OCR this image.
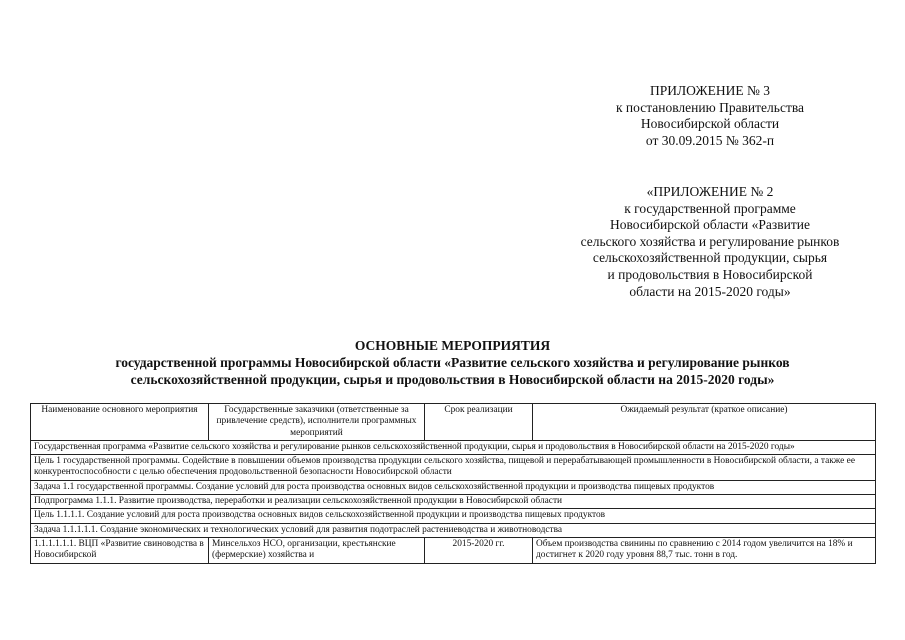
ПРИЛОЖЕНИЕ № 3
к постановлению Правительства
Новосибирской области
от 30.09.2015 № 362-п
«ПРИЛОЖЕНИЕ № 2
к государственной программе
Новосибирской области «Развитие
сельского хозяйства и регулирование рынков
сельскохозяйственной продукции, сырья
и продовольствия в Новосибирской
области на 2015-2020 годы»
ОСНОВНЫЕ МЕРОПРИЯТИЯ
государственной программы Новосибирской области «Развитие сельского хозяйства и регулирование рынков
сельскохозяйственной продукции, сырья и продовольствия в Новосибирской области на 2015-2020 годы»
Наименование основного мероприятия	Государственные заказчики (ответственные за привлечение средств), исполнители программных мероприятий	Срок реализации	Ожидаемый результат (краткое описание)
Государственная программа «Развитие сельского хозяйства и регулирование рынков сельскохозяйственной продукции, сырья и продовольствия в Новосибирской области на 2015-2020 годы»			
Цель 1 государственной программы. Содействие в повышении объемов производства продукции сельского хозяйства, пищевой и перерабатывающей промышленности в Новосибирской области, а также ее конкурентоспособности с целью обеспечения продовольственной безопасности Новосибирской области			
Задача 1.1 государственной программы. Создание условий для роста производства основных видов сельскохозяйственной продукции и производства пищевых продуктов			
Подпрограмма 1.1.1. Развитие производства, переработки и реализации сельскохозяйственной продукции в Новосибирской области			
Цель 1.1.1.1. Создание условий для роста производства основных видов сельскохозяйственной продукции и производства пищевых продуктов			
Задача 1.1.1.1.1. Создание экономических и технологических условий для развития подотраслей растениеводства и животноводства			
1.1.1.1.1.1. ВЦП «Развитие свиноводства в Новосибирской	Минсельхоз НСО, организации, крестьянские (фермерские) хозяйства и	2015-2020 гг.	Объем производства свинины по сравнению с 2014 годом увеличится на 18% и достигнет к 2020 году уровня 88,7 тыс. тонн в год.
